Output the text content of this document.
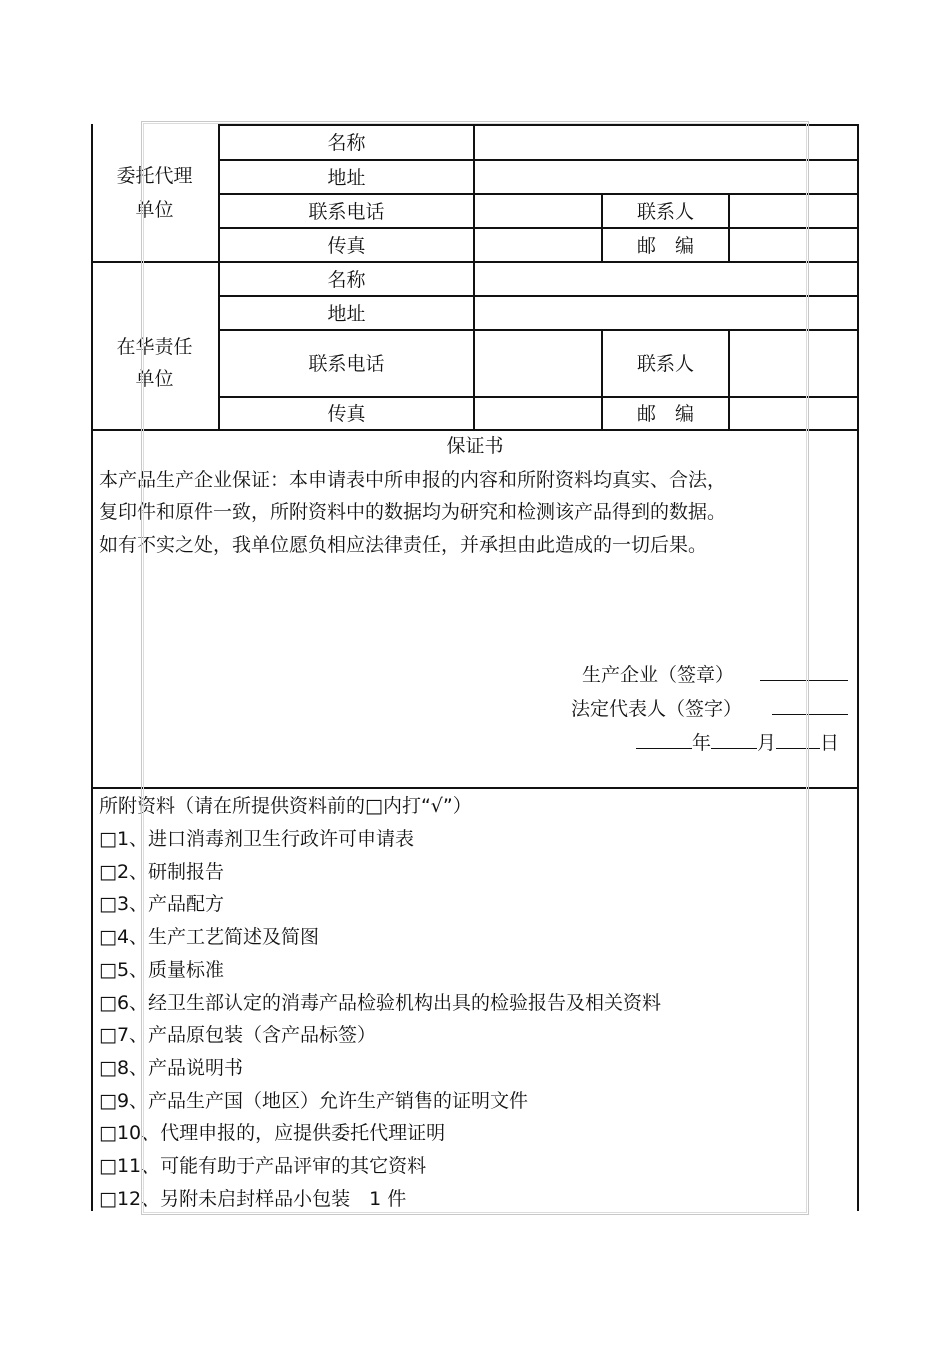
委托代理
单位
名称
地址
联系电话	联系人
传真	邮　编
在华责任
单位
名称
地址
联系电话	联系人
传真	邮　编
保证书
本产品生产企业保证：本申请表中所申报的内容和所附资料均真实、合法，
复印件和原件一致，所附资料中的数据均为研究和检测该产品得到的数据。
如有不实之处，我单位愿负相应法律责任，并承担由此造成的一切后果。
生产企业（签章）
法定代表人（签字）
年 月 日
所附资料（请在所提供资料前的□内打“√”）
□1、进口消毒剂卫生行政许可申请表
□2、研制报告
□3、产品配方
□4、生产工艺简述及简图
□5、质量标准
□6、经卫生部认定的消毒产品检验机构出具的检验报告及相关资料
□7、产品原包装（含产品标签）
□8、产品说明书
□9、产品生产国（地区）允许生产销售的证明文件
□10、代理申报的，应提供委托代理证明
□11、可能有助于产品评审的其它资料
□12、另附未启封样品小包装　1 件
